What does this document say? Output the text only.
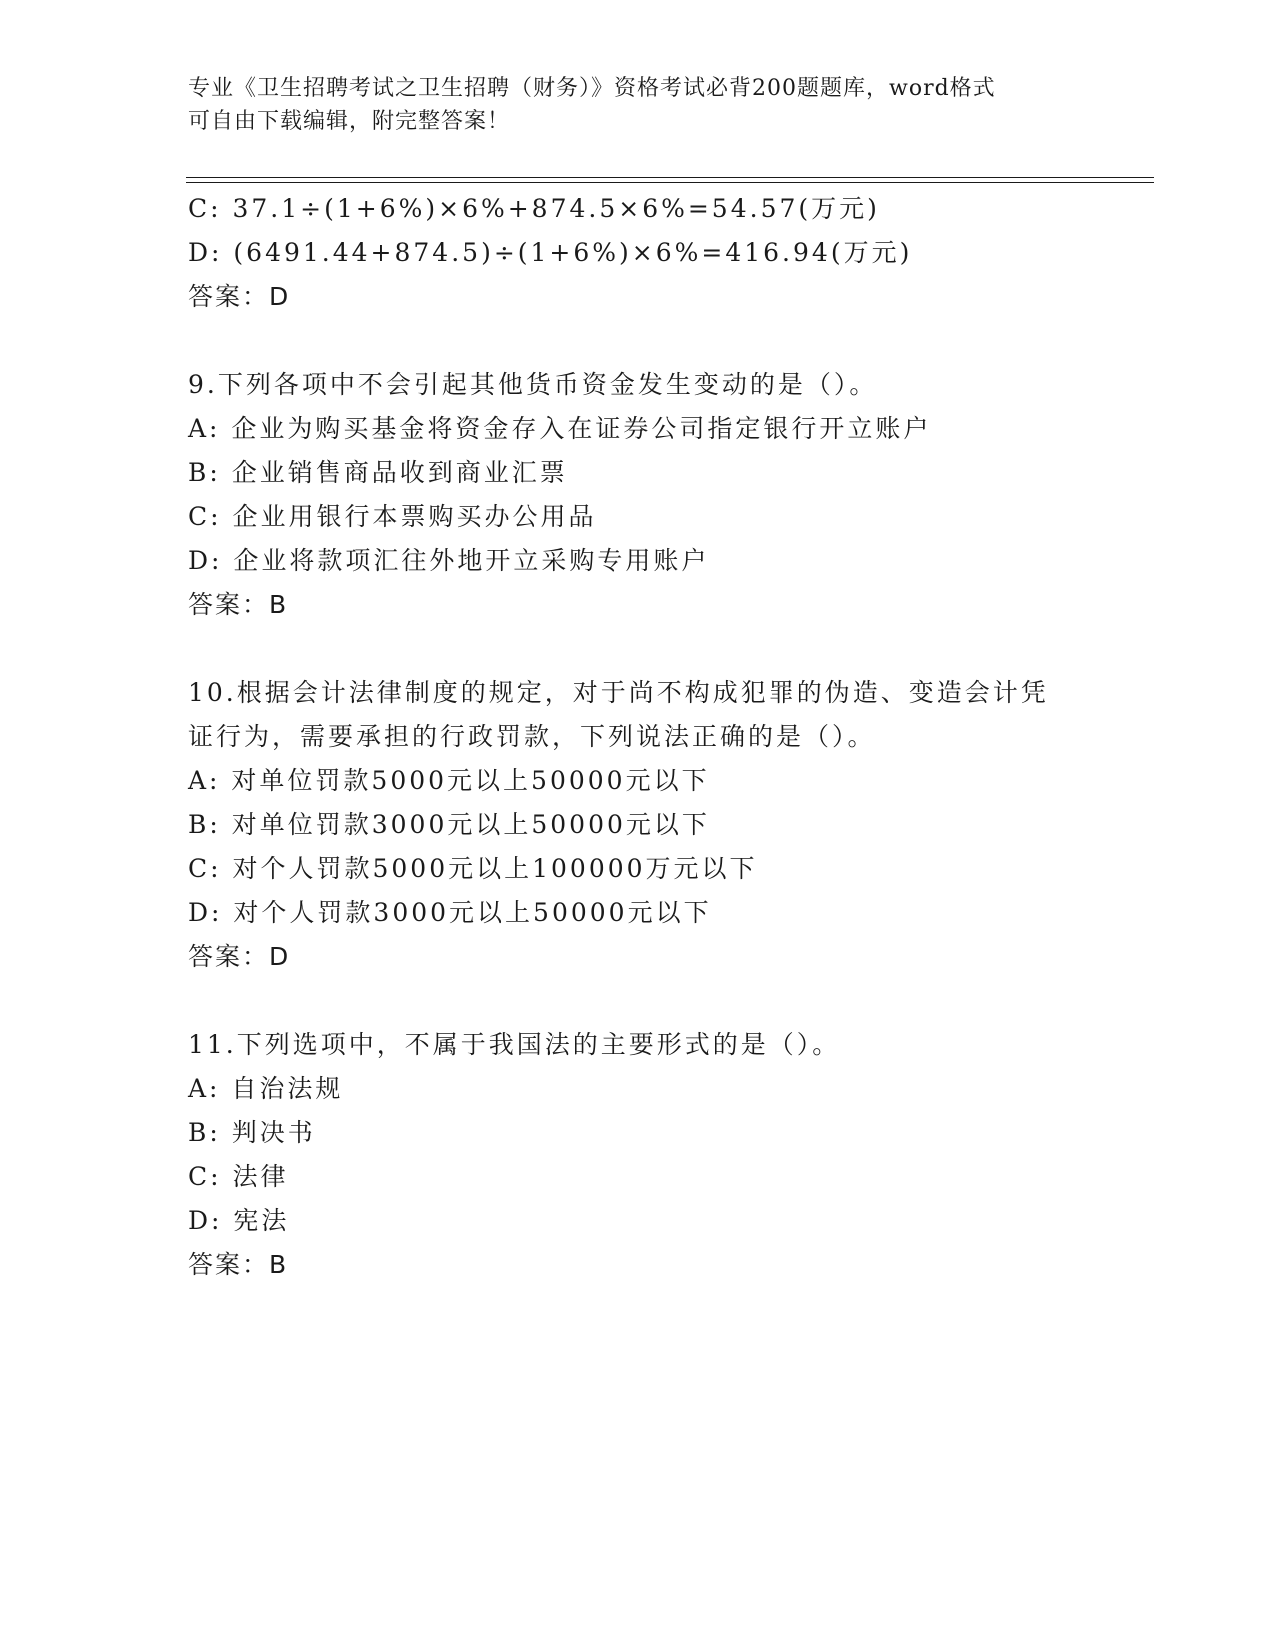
专业《卫生招聘考试之卫生招聘（财务）》资格考试必背200题题库，word格式
可自由下载编辑，附完整答案！
C: 37.1÷(1+6%)×6%+874.5×6%=54.57(万元)
D: (6491.44+874.5)÷(1+6%)×6%=416.94(万元)
答案：D
9.下列各项中不会引起其他货币资金发生变动的是（）。
A: 企业为购买基金将资金存入在证券公司指定银行开立账户
B: 企业销售商品收到商业汇票
C: 企业用银行本票购买办公用品
D: 企业将款项汇往外地开立采购专用账户
答案：B
10.根据会计法律制度的规定，对于尚不构成犯罪的伪造、变造会计凭
证行为，需要承担的行政罚款，下列说法正确的是（）。
A: 对单位罚款5000元以上50000元以下
B: 对单位罚款3000元以上50000元以下
C: 对个人罚款5000元以上100000万元以下
D: 对个人罚款3000元以上50000元以下
答案：D
11.下列选项中，不属于我国法的主要形式的是（）。
A: 自治法规
B: 判决书
C: 法律
D: 宪法
答案：B
